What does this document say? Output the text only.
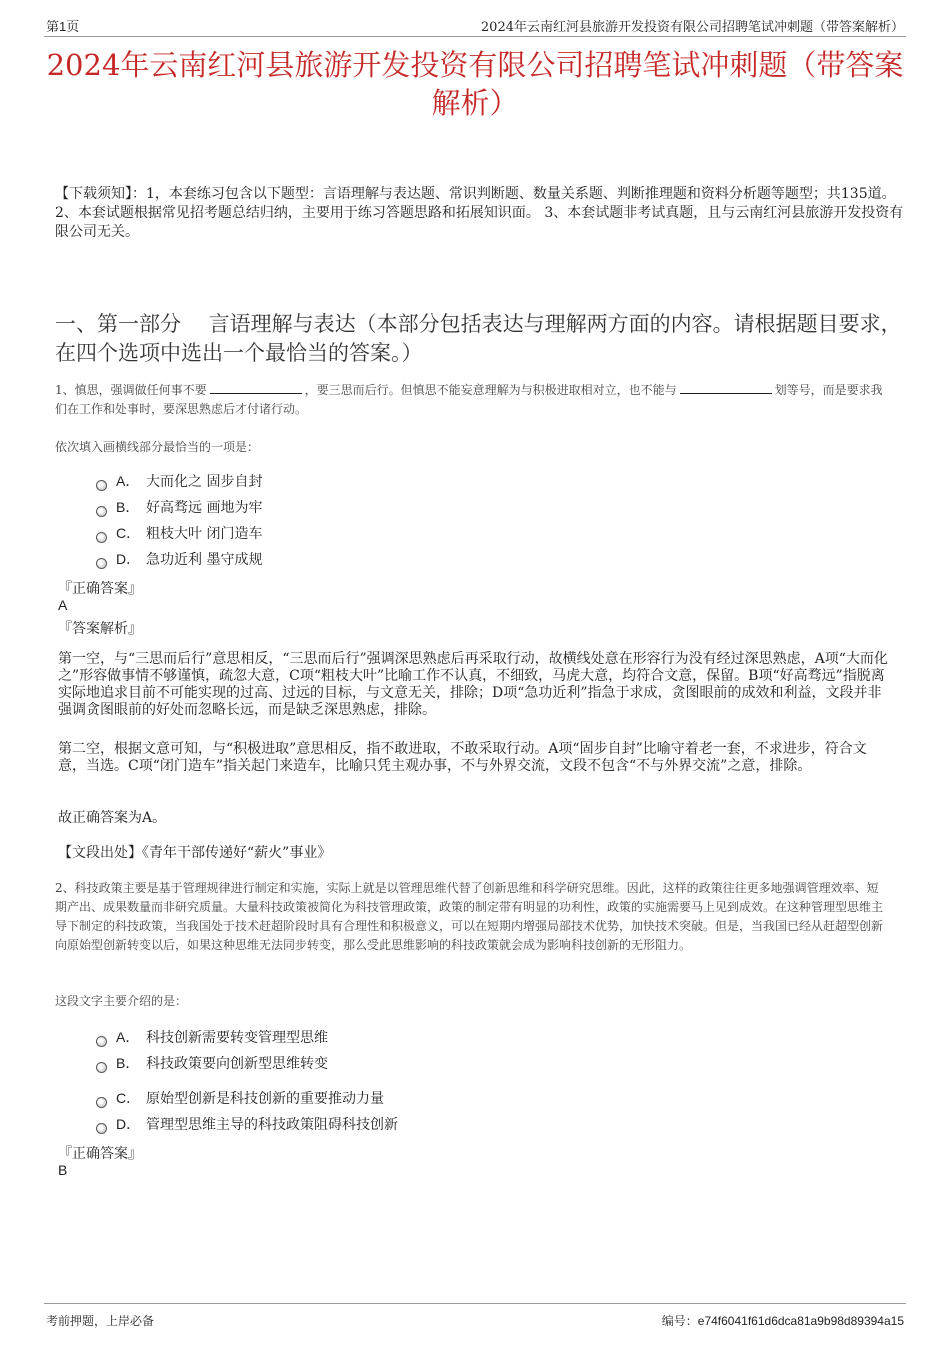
第1页	2024年云南红河县旅游开发投资有限公司招聘笔试冲刺题（带答案解析）
2024年云南红河县旅游开发投资有限公司招聘笔试冲刺题（带答案解析）
【下载须知】：1，本套练习包含以下题型：言语理解与表达题、常识判断题、数量关系题、判断推理题和资料分析题等题型；共135道。 2、本套试题根据常见招考题总结归纳，主要用于练习答题思路和拓展知识面。 3、本套试题非考试真题，且与云南红河县旅游开发投资有限公司无关。
一、第一部分　 言语理解与表达（本部分包括表达与理解两方面的内容。请根据题目要求，在四个选项中选出一个最恰当的答案。）
1、慎思，强调做任何事不要	，要三思而后行。但慎思不能妄意理解为与积极进取相对立，也不能与	划等号，而是要求我们在工作和处事时，要深思熟虑后才付诸行动。
依次填入画横线部分最恰当的一项是：
A． 大而化之 固步自封
B． 好高骛远 画地为牢
C． 粗枝大叶 闭门造车
D． 急功近利 墨守成规
『正确答案』
A
『答案解析』
第一空，与“三思而后行”意思相反，“三思而后行”强调深思熟虑后再采取行动，故横线处意在形容行为没有经过深思熟虑，A项“大而化之”形容做事情不够谨慎，疏忽大意，C项“粗枝大叶”比喻工作不认真，不细致，马虎大意，均符合文意，保留。B项“好高骛远”指脱离实际地追求目前不可能实现的过高、过远的目标，与文意无关，排除；D项“急功近利”指急于求成，贪图眼前的成效和利益，文段并非强调贪图眼前的好处而忽略长远，而是缺乏深思熟虑，排除。
第二空，根据文意可知，与“积极进取”意思相反，指不敢进取，不敢采取行动。A项“固步自封”比喻守着老一套，不求进步，符合文意，当选。C项“闭门造车”指关起门来造车，比喻只凭主观办事，不与外界交流，文段不包含“不与外界交流”之意，排除。
故正确答案为A。
【文段出处】《青年干部传递好“薪火”事业》
2、科技政策主要是基于管理规律进行制定和实施，实际上就是以管理思维代替了创新思维和科学研究思维。因此，这样的政策往往更多地强调管理效率、短期产出、成果数量而非研究质量。大量科技政策被简化为科技管理政策，政策的制定带有明显的功利性，政策的实施需要马上见到成效。在这种管理型思维主导下制定的科技政策，当我国处于技术赶超阶段时具有合理性和积极意义，可以在短期内增强局部技术优势，加快技术突破。但是，当我国已经从赶超型创新向原始型创新转变以后，如果这种思维无法同步转变，那么受此思维影响的科技政策就会成为影响科技创新的无形阻力。
这段文字主要介绍的是：
A． 科技创新需要转变管理型思维
B． 科技政策要向创新型思维转变
C． 原始型创新是科技创新的重要推动力量
D． 管理型思维主导的科技政策阻碍科技创新
『正确答案』
B
考前押题，上岸必备	编号：e74f6041f61d6dca81a9b98d89394a15
